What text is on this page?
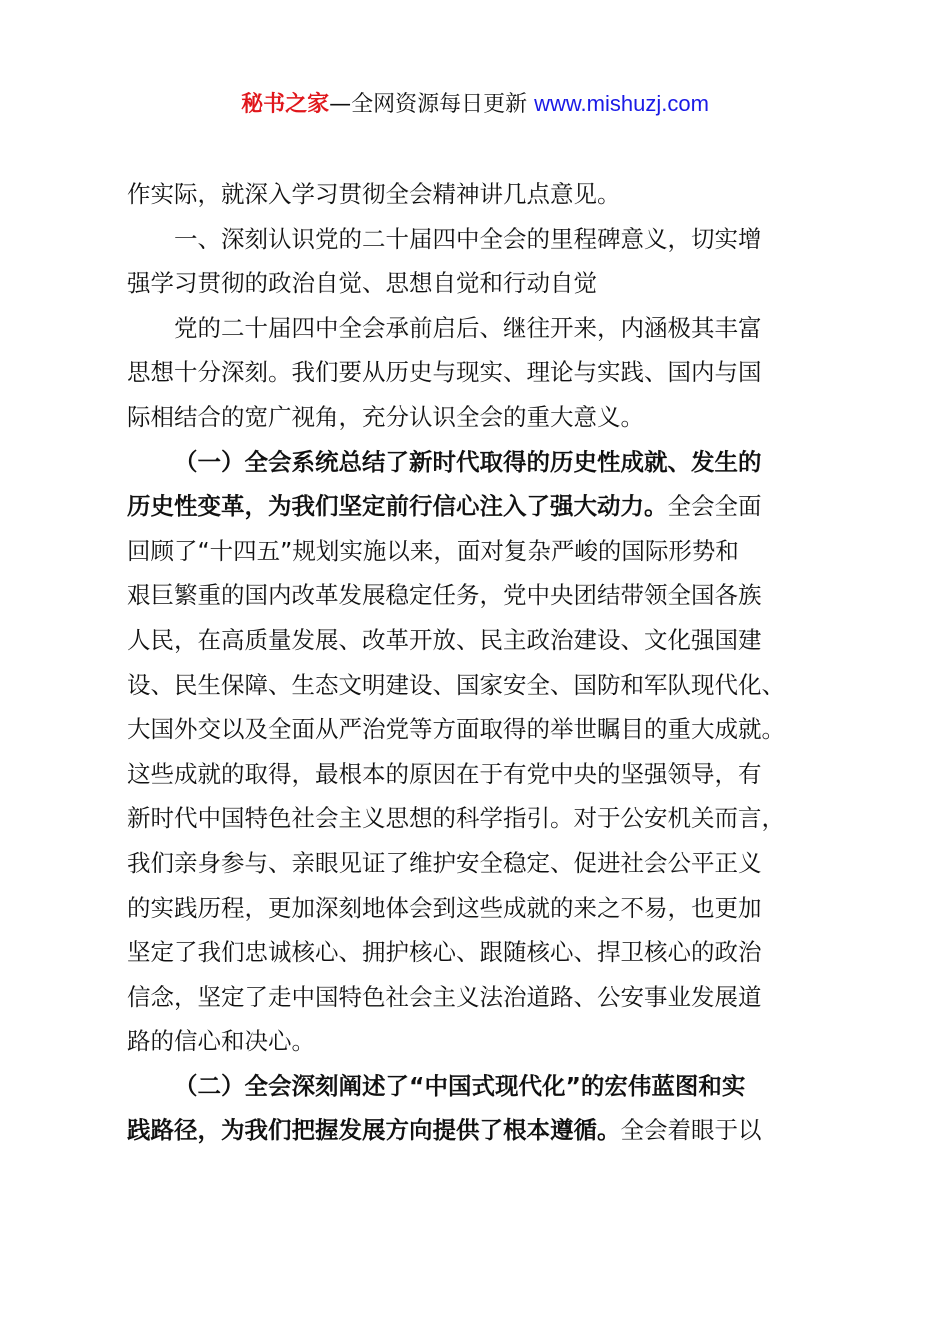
秘书之家—全网资源每日更新 www.mishuzj.com
作实际，就深入学习贯彻全会精神讲几点意见。
一、深刻认识党的二十届四中全会的里程碑意义，切实增
强学习贯彻的政治自觉、思想自觉和行动自觉
党的二十届四中全会承前启后、继往开来，内涵极其丰富
思想十分深刻。我们要从历史与现实、理论与实践、国内与国
际相结合的宽广视角，充分认识全会的重大意义。
（一）全会系统总结了新时代取得的历史性成就、发生的
历史性变革，为我们坚定前行信心注入了强大动力。全会全面
回顾了“十四五”规划实施以来，面对复杂严峻的国际形势和
艰巨繁重的国内改革发展稳定任务，党中央团结带领全国各族
人民，在高质量发展、改革开放、民主政治建设、文化强国建
设、民生保障、生态文明建设、国家安全、国防和军队现代化、
大国外交以及全面从严治党等方面取得的举世瞩目的重大成就。
这些成就的取得，最根本的原因在于有党中央的坚强领导，有
新时代中国特色社会主义思想的科学指引。对于公安机关而言，
我们亲身参与、亲眼见证了维护安全稳定、促进社会公平正义
的实践历程，更加深刻地体会到这些成就的来之不易，也更加
坚定了我们忠诚核心、拥护核心、跟随核心、捍卫核心的政治
信念，坚定了走中国特色社会主义法治道路、公安事业发展道
路的信心和决心。
（二）全会深刻阐述了“中国式现代化”的宏伟蓝图和实
践路径，为我们把握发展方向提供了根本遵循。全会着眼于以
